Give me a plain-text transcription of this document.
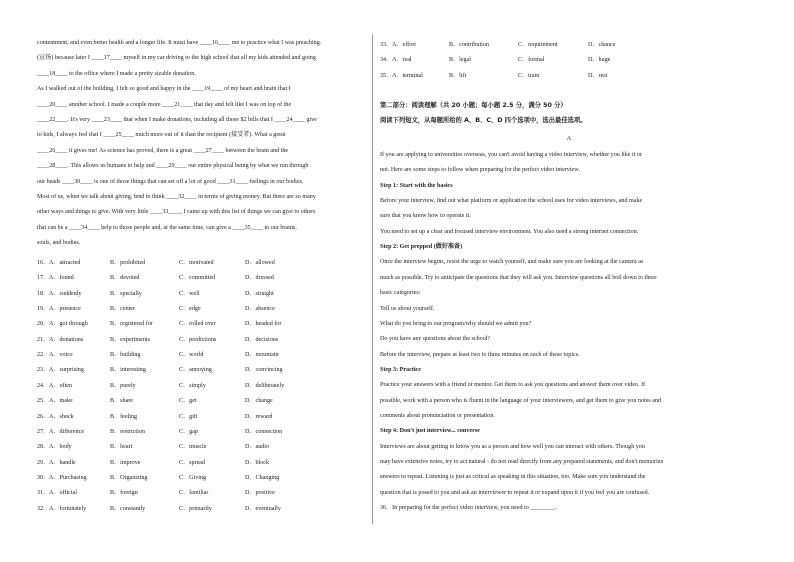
contentment, and even better health and a longer life. It must have ____16____ me to practice what I was preaching.
(宣扬) because later I ____17____ myself in my car driving to the high school that all my kids attended and going
____18____ to the office where I made a pretty sizable donation.
As I walked out of the building, I felt so good and happy in the ____19____ of my heart and brain that I
____20____ another school. I made a couple more ____21____ that day and felt like I was on top of the
____22____. It's very ____23____ that when I make donations, including all those $2 bills that I ____24____ give
to kids, I always feel that I ____25____ much more out of it than the recipient (接受者). What a great
____26____ it gives me! As science has proved, there is a great ____27____ between the brain and the
____28____. This allows us humans to help and ____29____ our entire physical being by what we run through
our heads ____30____ is one of those things that can set off a lot of good ____31____ feelings in our bodies.
Most of us, when we talk about giving, tend to think ____32____ in terms of giving money. But there are so many
other ways and things to give. With very little ____33____, I came up with this list of things we can give to others
that can be a ____34____ help to those people and, at the same time, can give a ____35____ to our brains,
souls, and bodies.
16． A．attracted	B．prohibited	C．motivated	D．allowed
17． A．found	B．devoted	C．committed	D．dressed
18． A．suddenly	B．specially	C．well	D．straight
19． A．presence	B．center	C．edge	D．absence
20． A．got through	B．registered for	C．rolled over	D．headed for
21． A．donations	B．experiments	C．predictions	D．decisions
22． A．voice	B．building	C．world	D．mountain
23． A．surprising	B．interesting	C．annoying	D．convincing
24． A．often	B．purely	C．simply	D．deliberately
25． A．make	B．share	C．get	D．change
26． A．shock	B．feeling	C．gift	D．reward
27． A．difference	B．restriction	C．gap	D．connection
28． A．body	B．heart	C．muscle	D．audio
29． A．handle	B．improve	C．spread	D．block
30． A．Purchasing	B．Organizing	C．Giving	D．Changing
31． A．official	B．foreign	C．familiar	D．positive
32． A．fortunately	B．constantly	C．primarily	D．eventually
33． A．effort	B．contribution	C．requirement	D．chance
34． A．real	B．legal	C．formal	D．huge
35． A．terminal	B．lift	C．train	D．rest
第二部分：阅读理解（共 20 小题；每小题 2.5 分，满分 50 分）
阅读下列短文，从每题所给的 A、B、C、D 四个选项中，选出最佳选项。
A
If you are applying to universities overseas, you can't avoid having a video interview, whether you like it or
not. Here are some steps to follow when preparing for the perfect video interview.
Step 1: Start with the basics
Before your interview, find out what platform or application the school uses for video interviews, and make
sure that you know how to operate it.
You need to set up a clear and focused interview environment. You also need a strong internet connection.
Step 2: Get prepped (做好准备)
Once the interview begins, resist the urge to watch yourself, and make sure you are looking at the camera as
much as possible. Try to anticipate the questions that they will ask you. Interview questions all boil down to three
basic categories:
Tell us about yourself.
What do you bring to our program/why should we admit you?
Do you have any questions about the school?
Before the interview, prepare at least two to three minutes on each of these topics.
Step 3: Practice
Practice your answers with a friend or mentor. Get them to ask you questions and answer them over video. If
possible, work with a person who is fluent in the language of your interviewers, and get them to give you notes and
comments about pronunciation or presentation.
Step 4: Don't just interview... converse
Interviews are about getting to know you as a person and how well you can interact with others. Though you
may have extensive notes, try to act natural - do not read directly from any prepared statements, and don't memorize
answers to repeat. Listening is just as critical as speaking in this situation, too. Make sure you understand the
question that is posed to you and ask an interviewer to repeat it or expand upon it if you feel you are confused.
36．In preparing for the perfect video interview, you need to ________.
